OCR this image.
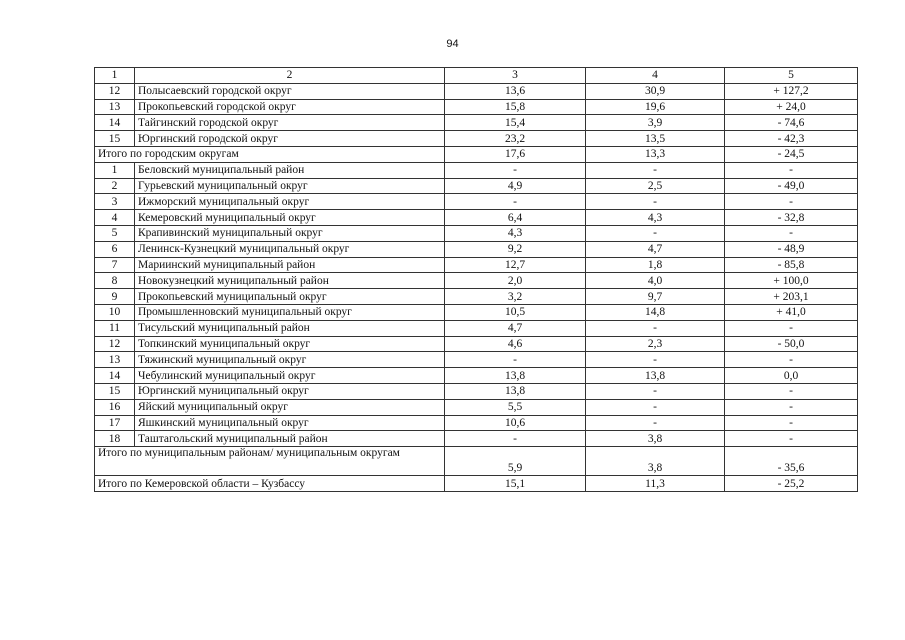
94
1	2	3	4	5
12	Полысаевский городской округ	13,6	30,9	+ 127,2
13	Прокопьевский городской округ	15,8	19,6	+ 24,0
14	Тайгинский городской округ	15,4	3,9	- 74,6
15	Юргинский городской округ	23,2	13,5	- 42,3
Итого по городским округам		17,6	13,3	- 24,5
1	Беловский муниципальный район	-	-	-
2	Гурьевский муниципальный округ	4,9	2,5	- 49,0
3	Ижморский муниципальный округ	-	-	-
4	Кемеровский муниципальный округ	6,4	4,3	- 32,8
5	Крапивинский муниципальный округ	4,3	-	-
6	Ленинск-Кузнецкий муниципальный округ	9,2	4,7	- 48,9
7	Мариинский муниципальный район	12,7	1,8	- 85,8
8	Новокузнецкий муниципальный район	2,0	4,0	+ 100,0
9	Прокопьевский муниципальный округ	3,2	9,7	+ 203,1
10	Промышленновский муниципальный округ	10,5	14,8	+ 41,0
11	Тисульский муниципальный район	4,7	-	-
12	Топкинский муниципальный округ	4,6	2,3	- 50,0
13	Тяжинский муниципальный округ	-	-	-
14	Чебулинский муниципальный округ	13,8	13,8	0,0
15	Юргинский муниципальный округ	13,8	-	-
16	Яйский муниципальный округ	5,5	-	-
17	Яшкинский муниципальный округ	10,6	-	-
18	Таштагольский муниципальный район	-	3,8	-
Итого по муниципальным районам/ муниципальным округам		5,9	3,8	- 35,6
Итого по Кемеровской области – Кузбассу		15,1	11,3	- 25,2
